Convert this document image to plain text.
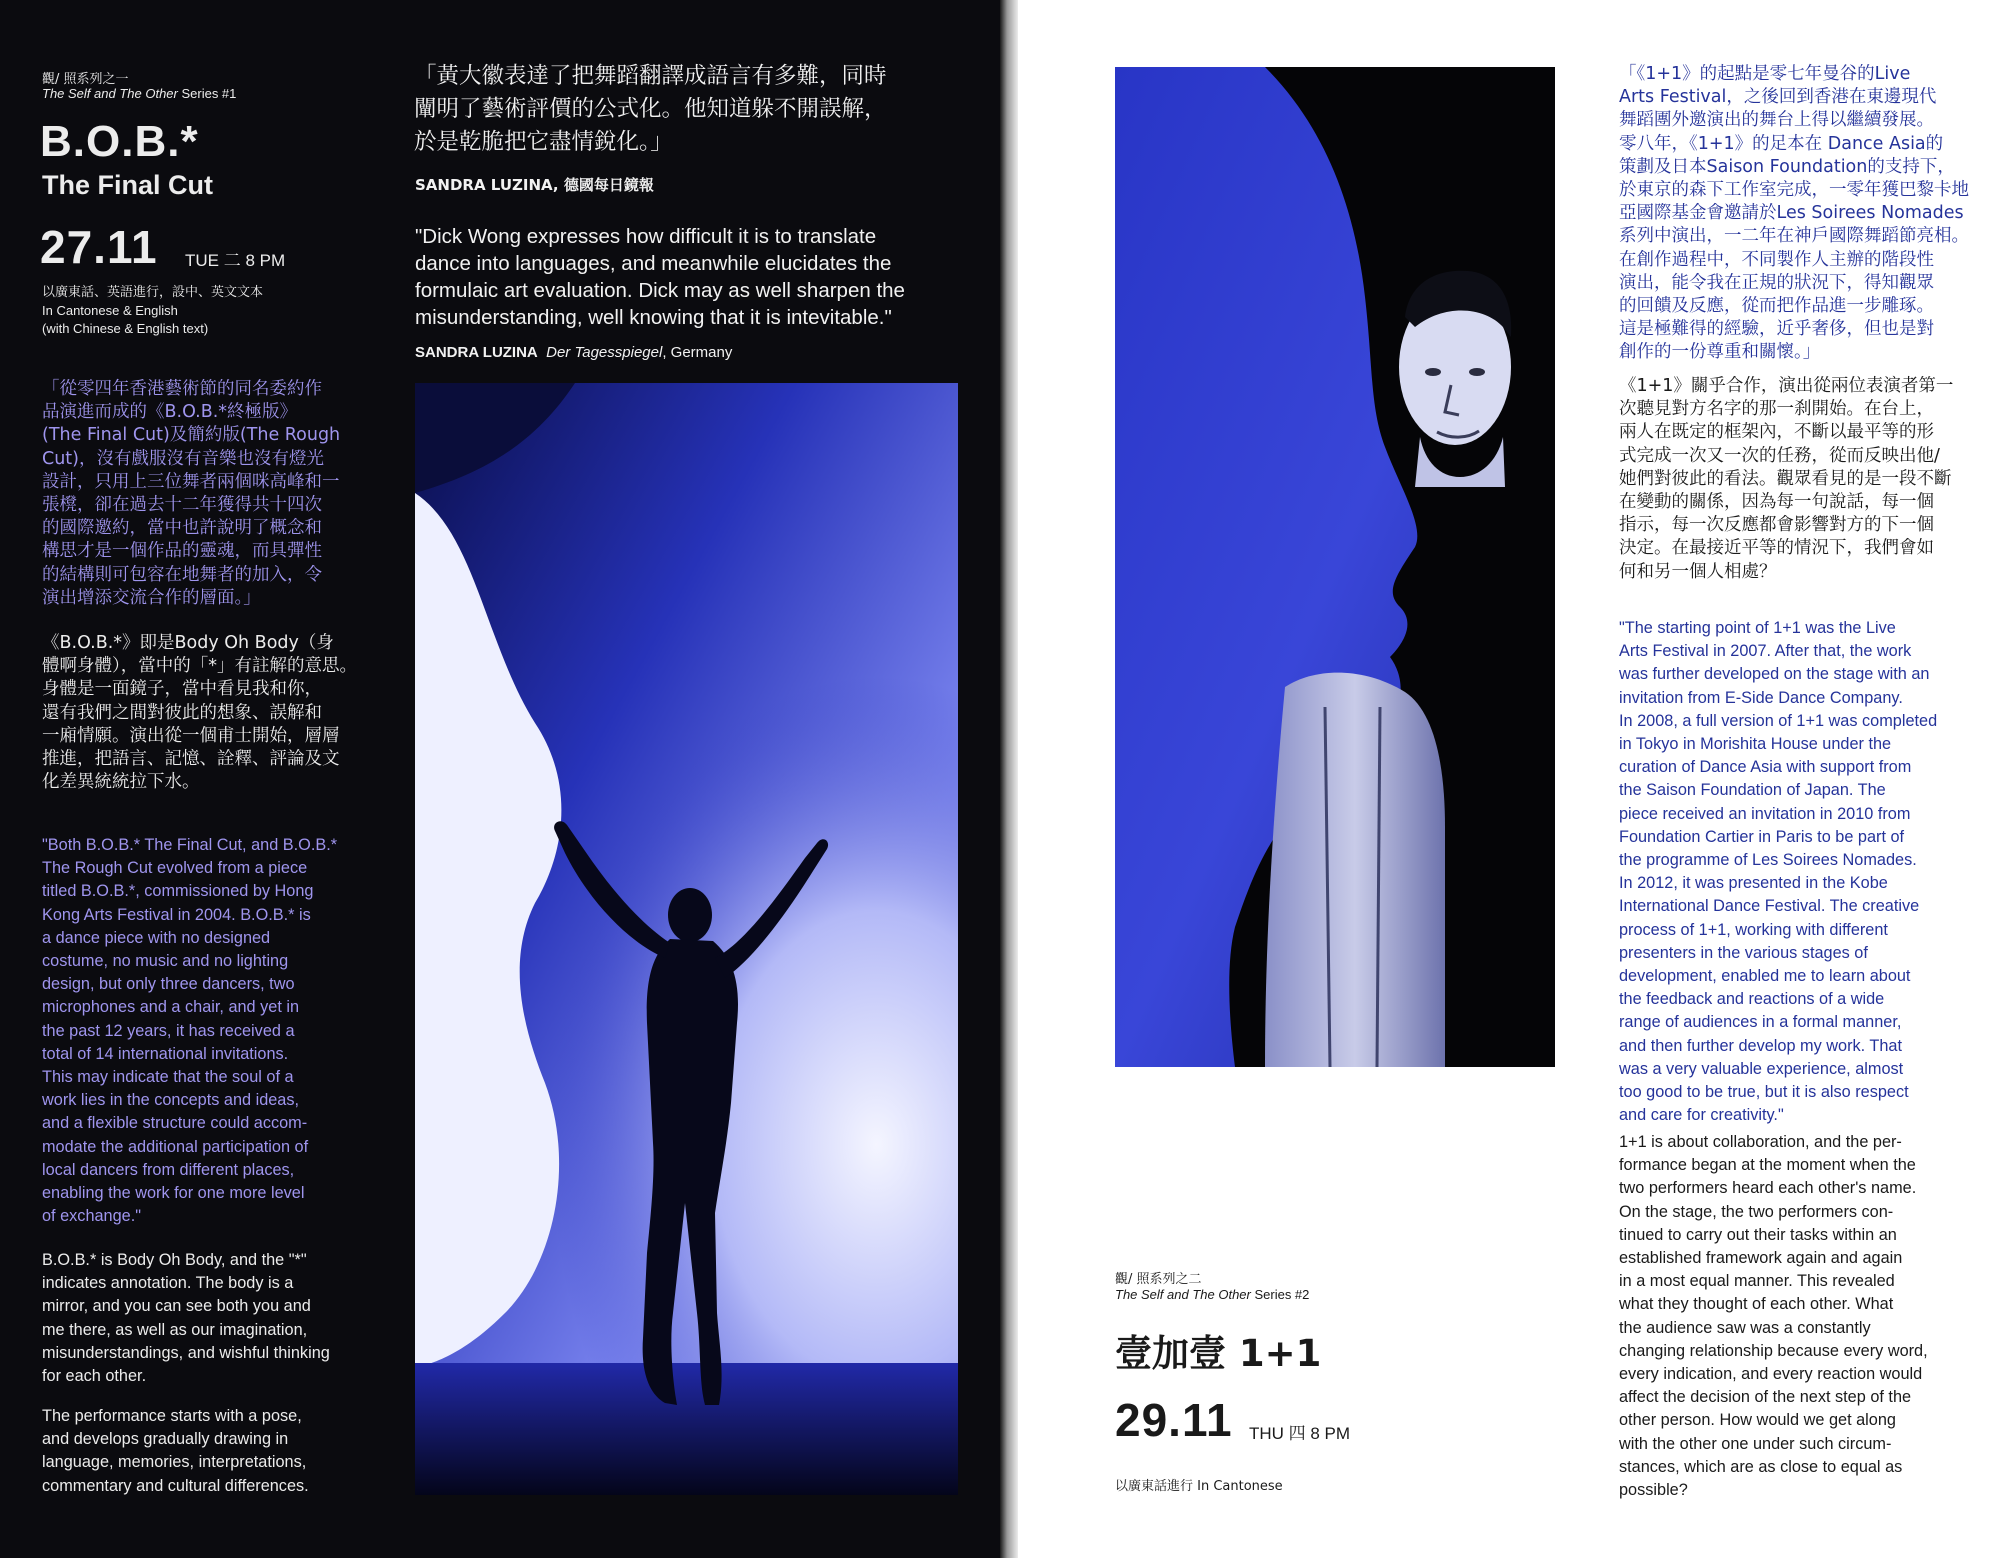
觀/ 照系列之一
The Self and The Other Series #1
B.O.B.*
The Final Cut
27.11 TUE 二 8 PM
以廣東話、英語進行，設中、英文文本
In Cantonese & English
(with Chinese & English text)
「從零四年香港藝術節的同名委約作
品演進而成的《B.O.B.*終極版》
(The Final Cut)及簡約版(The Rough
Cut)，沒有戲服沒有音樂也沒有燈光
設計，只用上三位舞者兩個咪高峰和一
張櫈，卻在過去十二年獲得共十四次
的國際邀約，當中也許說明了概念和
構思才是一個作品的靈魂，而具彈性
的結構則可包容在地舞者的加入，令
演出增添交流合作的層面。」
《B.O.B.*》即是Body Oh Body（身
體啊身體），當中的「*」有註解的意思。
身體是一面鏡子，當中看見我和你，
還有我們之間對彼此的想象、誤解和
一廂情願。演出從一個甫士開始，層層
推進，把語言、記憶、詮釋、評論及文
化差異統統拉下水。
"Both B.O.B.* The Final Cut, and B.O.B.*
The Rough Cut evolved from a piece
titled B.O.B.*, commissioned by Hong
Kong Arts Festival in 2004. B.O.B.* is
a dance piece with no designed
costume, no music and no lighting
design, but only three dancers, two
microphones and a chair, and yet in
the past 12 years, it has received a
total of 14 international invitations.
This may indicate that the soul of a
work lies in the concepts and ideas,
and a flexible structure could accom-
modate the additional participation of
local dancers from different places,
enabling the work for one more level
of exchange."
B.O.B.* is Body Oh Body, and the "*"
indicates annotation. The body is a
mirror, and you can see both you and
me there, as well as our imagination,
misunderstandings, and wishful thinking
for each other.
The performance starts with a pose,
and develops gradually drawing in
language, memories, interpretations,
commentary and cultural differences.
「黃大徽表達了把舞蹈翻譯成語言有多難，同時
闡明了藝術評價的公式化。他知道躲不開誤解，
於是乾脆把它盡情銳化。」
SANDRA LUZINA, 德國每日鏡報
"Dick Wong expresses how difficult it is to translate
dance into languages, and meanwhile elucidates the
formulaic art evaluation. Dick may as well sharpen the
misunderstanding, well knowing that it is intevitable."
SANDRA LUZINA Der Tagesspiegel, Germany
觀/ 照系列之二
The Self and The Other Series #2
壹加壹 1+1
29.11 THU 四 8 PM
以廣東話進行 In Cantonese
「《1+1》的起點是零七年曼谷的Live
Arts Festival，之後回到香港在東邊現代
舞蹈團外邀演出的舞台上得以繼續發展。
零八年，《1+1》的足本在 Dance Asia的
策劃及日本Saison Foundation的支持下，
於東京的森下工作室完成，一零年獲巴黎卡地
亞國際基金會邀請於Les Soirees Nomades
系列中演出，一二年在神戶國際舞蹈節亮相。
在創作過程中，不同製作人主辦的階段性
演出，能令我在正規的狀況下，得知觀眾
的回饋及反應，從而把作品進一步雕琢。
這是極難得的經驗，近乎奢侈，但也是對
創作的一份尊重和關懷。」
《1+1》關乎合作，演出從兩位表演者第一
次聽見對方名字的那一刹開始。在台上，
兩人在既定的框架內，不斷以最平等的形
式完成一次又一次的任務，從而反映出他/
她們對彼此的看法。觀眾看見的是一段不斷
在變動的關係，因為每一句說話，每一個
指示，每一次反應都會影響對方的下一個
決定。在最接近平等的情況下，我們會如
何和另一個人相處？
"The starting point of 1+1 was the Live
Arts Festival in 2007. After that, the work
was further developed on the stage with an
invitation from E-Side Dance Company.
In 2008, a full version of 1+1 was completed
in Tokyo in Morishita House under the
curation of Dance Asia with support from
the Saison Foundation of Japan. The
piece received an invitation in 2010 from
Foundation Cartier in Paris to be part of
the programme of Les Soirees Nomades.
In 2012, it was presented in the Kobe
International Dance Festival. The creative
process of 1+1, working with different
presenters in the various stages of
development, enabled me to learn about
the feedback and reactions of a wide
range of audiences in a formal manner,
and then further develop my work. That
was a very valuable experience, almost
too good to be true, but it is also respect
and care for creativity."
1+1 is about collaboration, and the per-
formance began at the moment when the
two performers heard each other's name.
On the stage, the two performers con-
tinued to carry out their tasks within an
established framework again and again
in a most equal manner. This revealed
what they thought of each other. What
the audience saw was a constantly
changing relationship because every word,
every indication, and every reaction would
affect the decision of the next step of the
other person. How would we get along
with the other one under such circum-
stances, which are as close to equal as
possible?
